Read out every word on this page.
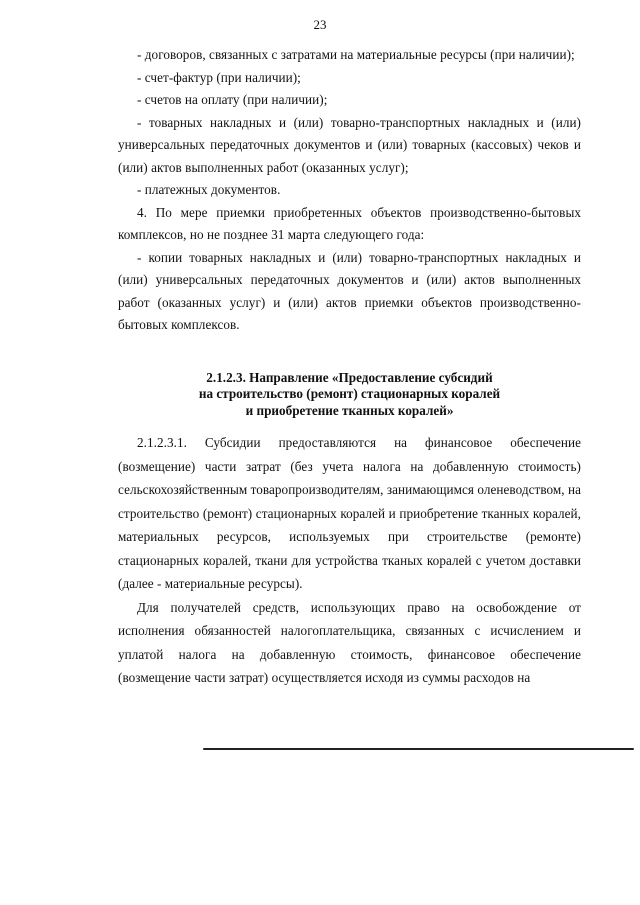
23

- договоров, связанных с затратами на материальные ресурсы (при наличии);

- счет-фактур (при наличии);

- счетов на оплату (при наличии);

- товарных накладных и (или) товарно-транспортных накладных и (или) универсальных передаточных документов и (или) товарных (кассовых) чеков и (или) актов выполненных работ (оказанных услуг);

- платежных документов.

4. По мере приемки приобретенных объектов производственно-бытовых комплексов, но не позднее 31 марта следующего года:

- копии товарных накладных и (или) товарно-транспортных накладных и (или) универсальных передаточных документов и (или) актов выполненных работ (оказанных услуг) и (или) актов приемки объектов производственно-бытовых комплексов.

2.1.2.3. Направление «Предоставление субсидий
на строительство (ремонт) стационарных коралей
и приобретение тканных коралей»

2.1.2.3.1. Субсидии предоставляются на финансовое обеспечение (возмещение) части затрат (без учета налога на добавленную стоимость) сельскохозяйственным товаропроизводителям, занимающимся оленеводством, на строительство (ремонт) стационарных коралей и приобретение тканных коралей, материальных ресурсов, используемых при строительстве (ремонте) стационарных коралей, ткани для устройства тканых коралей с учетом доставки (далее - материальные ресурсы).

Для получателей средств, использующих право на освобождение от исполнения обязанностей налогоплательщика, связанных с исчислением и уплатой налога на добавленную стоимость, финансовое обеспечение (возмещение части затрат) осуществляется исходя из суммы расходов на
